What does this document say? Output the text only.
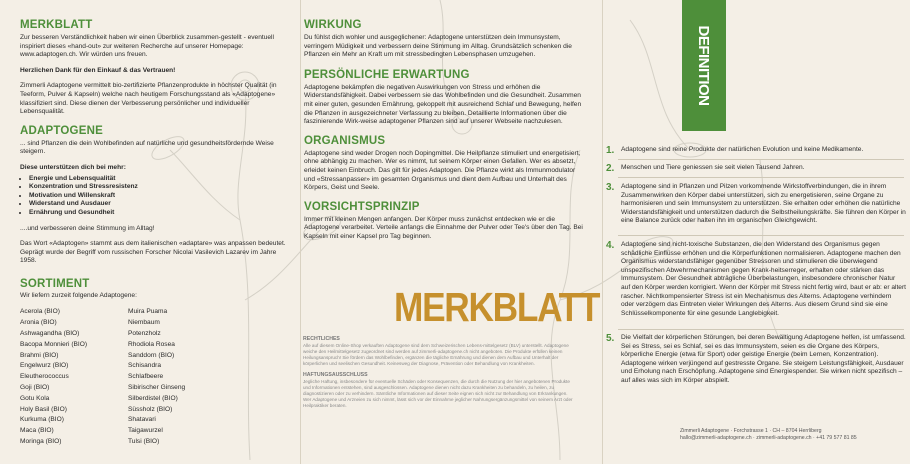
MERKBLATT

Zur besseren Verständlichkeit haben wir einen Überblick zusammen-gestellt - eventuell inspiriert dieses «hand-out» zur weiteren Recherche auf unserer Homepage: www.adaptogen.ch. Wir würden uns freuen.

Herzlichen Dank für den Einkauf & das Vertrauen!

Zimmerli Adaptogene vermittelt bio-zertifizierte Pflanzenprodukte in höchster Qualität (in Teeform, Pulver & Kapseln) welche nach heutigem Forschungsstand als «Adaptogene» klassifiziert sind. Diese dienen der Verbesserung persönlicher und individueller Lebensqualität.

ADAPTOGENE

... sind Pflanzen die dein Wohlbefinden auf natürliche und gesundheitsfördernde Weise steigern.

Diese unterstützen dich bei mehr:

• Energie und Lebensqualität
• Konzentration und Stressresistenz
• Motivation und Willenskraft
• Widerstand und Ausdauer
• Ernährung und Gesundheit

....und verbesseren deine Stimmung im Alltag!

Das Wort «Adaptogen» stammt aus dem italienischen «adaptare» was anpassen bedeutet. Geprägt wurde der Begriff vom russischen Forscher Nicolai Vasilevich Lazarev im Jahre 1958.

SORTIMENT

Wir liefern zurzeit folgende Adaptogene:

Acerola (BIO)
Aronia (BIO)
Ashwagandha (BIO)
Bacopa Monnieri (BIO)
Brahmi (BIO)
Engelwurz (BIO)
Eleutherococcus
Goji (BIO)
Gotu Kola
Holy Basil (BIO)
Kurkuma (BIO)
Maca (BIO)
Moringa (BIO)
Muira Puama
Niembaum
Potenzholz
Rhodiola Rosea
Sanddorn (BIO)
Schisandra
Schlafbeere
Sibirischer Ginseng
Silberdistel (BIO)
Süssholz (BIO)
Shatavari
Taigawurzel
Tulsi (BIO)
WIRKUNG

Du fühlst dich wohler und ausgeglichener: Adaptogene unterstützen dein Immunsystem, verringern Müdigkeit und verbessern deine Stimmung im Alltag. Grundsätzlich schenken die Pflanzen ein Mehr an Kraft um mit stressbedingten Lebensphasen umzugehen.

PERSÖNLICHE ERWARTUNG

Adaptogene bekämpfen die negativen Auswirkungen von Stress und erhöhen die Widerstandsfähigkeit. Dabei verbessern sie das Wohlbefinden und die Gesundheit. Zusammen mit einer guten, gesunden Ernährung, gekoppelt mit ausreichend Schlaf und Bewegung, helfen die Pflanzen in ausgezeichneter Verfassung zu bleiben. Detaillierte Informationen über die faszinierende Wirk-weise adaptogener Pflanzen sind auf unserer Webseite nachzulesen.

ORGANISMUS

Adaptogene sind weder Drogen noch Dopingmittel. Die Heilpflanze stimuliert und energetisiert, ohne abhängig zu machen. Wer es nimmt, tut seinem Körper einen Gefallen. Wer es absetzt, erleidet keinen Einbruch. Das gilt für jedes Adaptogen. Die Pflanze wirkt als Immunmodulator und «Stressanpasser» im gesamten Organismus und dient dem Aufbau und Unterhalt des Körpers, Geist und Seele.

VORSICHTSPRINZIP

Immer mit kleinen Mengen anfangen. Der Körper muss zunächst entdecken wie er die Adaptogene verarbeitet. Verteile anfangs die Einnahme der Pulver oder Tee's über den Tag. Bei Kapseln mit einer Kapsel pro Tag beginnen.

MERKBLATT
RECHTLICHES

Alle auf diesem Online-Shop verkauften Adaptogene sind dem Schweizerischen Lebens-mittelgesetz (BLV) unterstellt. Adaptogene weiche den Heilmittelgesetz zugeordnet sind werden auf zimmerli-adaptogene.ch nicht angeboten. Die Produkte erfüllen keinen Heilungsanspruch! Sie fördern das Wohlbefinden, ergänzen die tägliche Ernährung und dienen dem Aufbau und Unterhalt der körperlichen und seelischen Gesundheit. Keinesweg der Diagnose, Prävention oder Behandlung von Krankheiten.

HAFTUNGSAUSSCHLUSS

Jegliche Haftung, insbesondere für eventuelle Schäden oder Konsequenzen, die durch die Nutzung der hier angebotenen Produkte und Informationen entstehen, sind ausgeschlossen. Adaptogene dienen nicht dazu Krankheiten zu behandeln, zu heilen, zu diagnostizieren oder zu verhindern. Sämtliche Informationen auf dieser Seite eignen sich nicht zur Behandlung von Erkrankungen. Wer Adaptogene und Arzneien zu sich nimmt, lässt sich vor der Einnahme jeglicher Nahrungsergänzungsmittel von seinem Arzt oder Heilpraktiker beraten.

DEFINITION
1.	Adaptogene sind reine Produkte der natürlichen Evolution und keine Medikamente.
2.	Menschen und Tiere geniessen sie seit vielen Tausend Jahren.
3.	Adaptogene sind in Pflanzen und Pilzen vorkommende Wirkstoffverbindungen, die in ihrem Zusammenwirken den Körper dabei unterstützen, sich zu energetisieren, seine Organe zu harmonisieren und sein Immunsystem zu unterstützen. Sie erhalten oder erhöhen die natürliche Widerstandsfähigkeit und unterstützen dadurch die Selbstheilungskräfte. Sie führen den Körper in eine Balance zurück oder halten ihn im organischen Gleichgewicht.
4.	Adaptogene sind nicht-toxische Substanzen, die den Widerstand des Organismus gegen schädliche Einflüsse erhöhen und die Körperfunktionen normalisieren. Adaptogene machen den Organismus widerstandsfähiger gegenüber Stressoren und stimulieren die überwiegend unspezifischen Abwehrmechanismen gegen Krank-heitserreger, erhalten oder stärken das Immunsystem. Der Gesundheit abträgliche Überbelastungen, insbesondere chronischer Natur auf den Körper werden korrigiert. Wenn der Körper mit Stress nicht fertig wird, baut er ab: er altert rascher. Nichtkompensierter Stress ist ein Mechanismus des Alterns. Adaptogene verhindern oder verzögern das Eintreten vieler Wirkungen des Alterns. Aus diesem Grund sind sie eine Schlüsselkomponente für eine gesunde Langlebigkeit.
5.	Die Vielfalt der körperlichen Störungen, bei deren Bewältigung Adaptogene helfen, ist umfassend. Sei es Stress, sei es Schlaf, sei es das Immunsystem, seien es die Organe des Körpers, körperliche Energie (etwa für Sport) oder geistige Energie (beim Lernen, Konzentration). Adaptogene wirken verjüngend auf gestresste Organe. Sie steigern Leistungsfähigkeit, Ausdauer und Erholung nach Erschöpfung. Adaptogene sind Energiespender. Sie wirken nicht spezifisch – auf alles was sich im Körper abspielt.
Zimmerli Adaptogene · Forchstrasse 1 · CH – 8704 Herrliberg
hallo@zimmerli-adaptogene.ch · zimmerli-adaptogene.ch · +41 79 577 81 85
